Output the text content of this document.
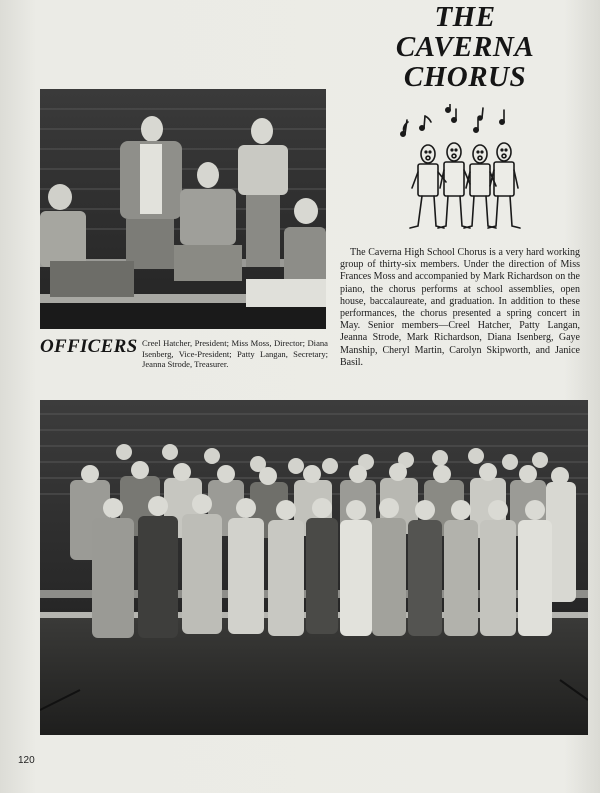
THE
CAVERNA
CHORUS
OFFICERS Creel Hatcher, President; Miss Moss, Director; Diana Isenberg, Vice-President; Patty Langan, Secretary; Jeanna Strode, Treasurer.

The Caverna High School Chorus is a very hard working group of thirty-six members. Under the direction of Miss Frances Moss and accompanied by Mark Richardson on the piano, the chorus performs at school assemblies, open house, baccalaureate, and graduation. In addition to these performances, the chorus presented a spring concert in May. Senior members—Creel Hatcher, Patty Langan, Jeanna Strode, Mark Richardson, Diana Isenberg, Gaye Manship, Cheryl Martin, Carolyn Skipworth, and Janice Basil.

120
